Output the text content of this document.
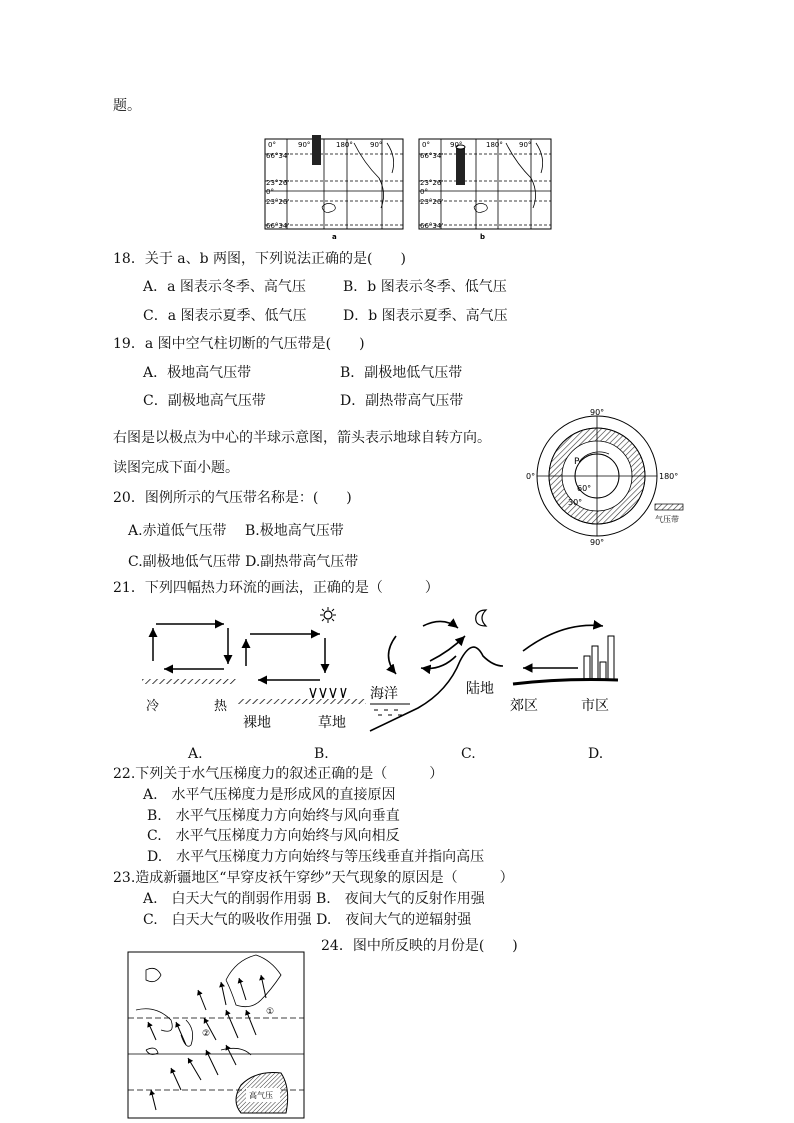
题。
0°	90°	180° 90°
66°34'
23°26'
0°
23°26'
66°34'
a
0°	90°	180° 90°
66°34'
23°26'
0°
23°26'
66°34'
b
18．关于 a、b 两图，下列说法正确的是(　　)
A．a 图表示冬季、高气压	B．b 图表示冬季、低气压
C．a 图表示夏季、低气压	D．b 图表示夏季、高气压
19．a 图中空气柱切断的气压带是(　　)
A．极地高气压带	B．副极地低气压带
C．副极地高气压带	D．副热带高气压带
右图是以极点为中心的半球示意图，箭头表示地球自转方向。
读图完成下面小题。
90°
90°
0°	180°
P
60°
30°
气压带
20．图例所示的气压带名称是：(　　)
A.赤道低气压带　 B.极地高气压带
C.副极地低气压带 D.副热带高气压带
21．下列四幅热力环流的画法，正确的是（　　　）
冷	热
裸地	草地
海洋	陆地
郊区	市区
A.	B.	C.	D.
22.下列关于水气压梯度力的叙述正确的是（　　　）
A.　水平气压梯度力是形成风的直接原因
B.　水平气压梯度力方向始终与风向垂直
C.　水平气压梯度力方向始终与风向相反
D.　水平气压梯度力方向始终与等压线垂直并指向高压
23.造成新疆地区“早穿皮袄午穿纱”天气现象的原因是（　　　）
A.　白天大气的削弱作用弱 B.　夜间大气的反射作用强
C.　白天大气的吸收作用强 D.　夜间大气的逆辐射强
24．图中所反映的月份是(　　)
①
②
高气压
